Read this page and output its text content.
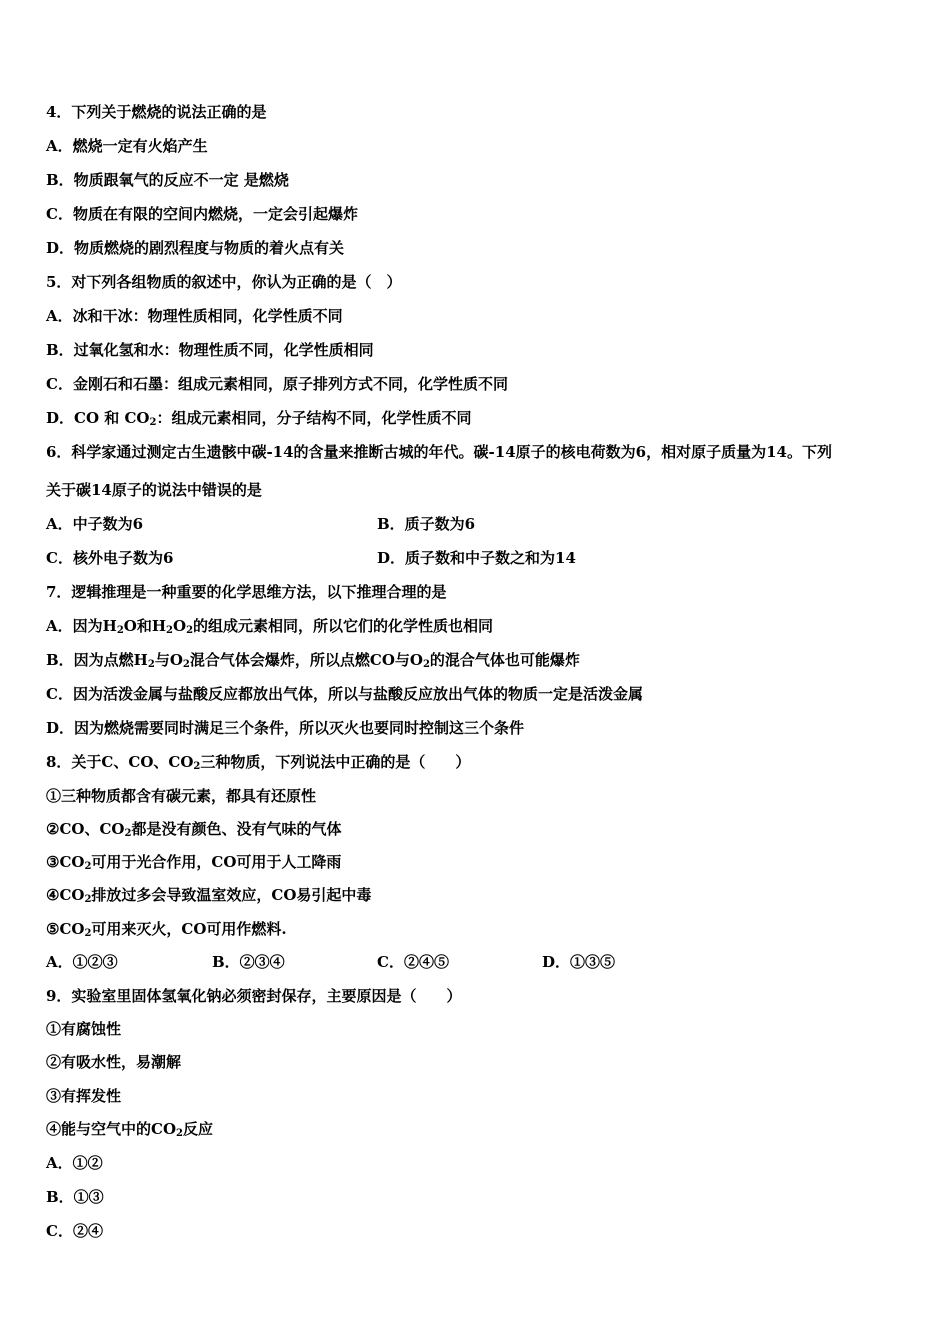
4．下列关于燃烧的说法正确的是
A．燃烧一定有火焰产生
B．物质跟氧气的反应不一定 是燃烧
C．物质在有限的空间内燃烧，一定会引起爆炸
D．物质燃烧的剧烈程度与物质的着火点有关
5．对下列各组物质的叙述中，你认为正确的是（　）
A．冰和干冰：物理性质相同，化学性质不同
B．过氧化氢和水：物理性质不同，化学性质相同
C．金刚石和石墨：组成元素相同，原子排列方式不同，化学性质不同
D．CO 和 $CO_2$：组成元素相同，分子结构不同，化学性质不同
6．科学家通过测定古生遗骸中碳-14的含量来推断古城的年代。碳-14原子的核电荷数为6，相对原子质量为14。下列
关于碳14原子的说法中错误的是
A．中子数为6	B．质子数为6
C．核外电子数为6	D．质子数和中子数之和为14
7．逻辑推理是一种重要的化学思维方法，以下推理合理的是
A．因为$H_2O$和$H_2O_2$的组成元素相同，所以它们的化学性质也相同
B．因为点燃$H_2$与$O_2$混合气体会爆炸，所以点燃CO与$O_2$的混合气体也可能爆炸
C．因为活泼金属与盐酸反应都放出气体，所以与盐酸反应放出气体的物质一定是活泼金属
D．因为燃烧需要同时满足三个条件，所以灭火也要同时控制这三个条件
8．关于C、CO、$CO_2$三种物质，下列说法中正确的是（　　）
①三种物质都含有碳元素，都具有还原性
②CO、$CO_2$都是没有颜色、没有气味的气体
$③CO_2$可用于光合作用，CO可用于人工降雨
$④CO_2$排放过多会导致温室效应，CO易引起中毒
$⑤CO_2$可用来灭火，CO可用作燃料.
A．①②③	B．②③④	C．②④⑤	D．①③⑤
9．实验室里固体氢氧化钠必须密封保存，主要原因是（　　）
①有腐蚀性
②有吸水性，易潮解
③有挥发性
④能与空气中的$CO_2$反应
A．①②
B．①③
C．②④
